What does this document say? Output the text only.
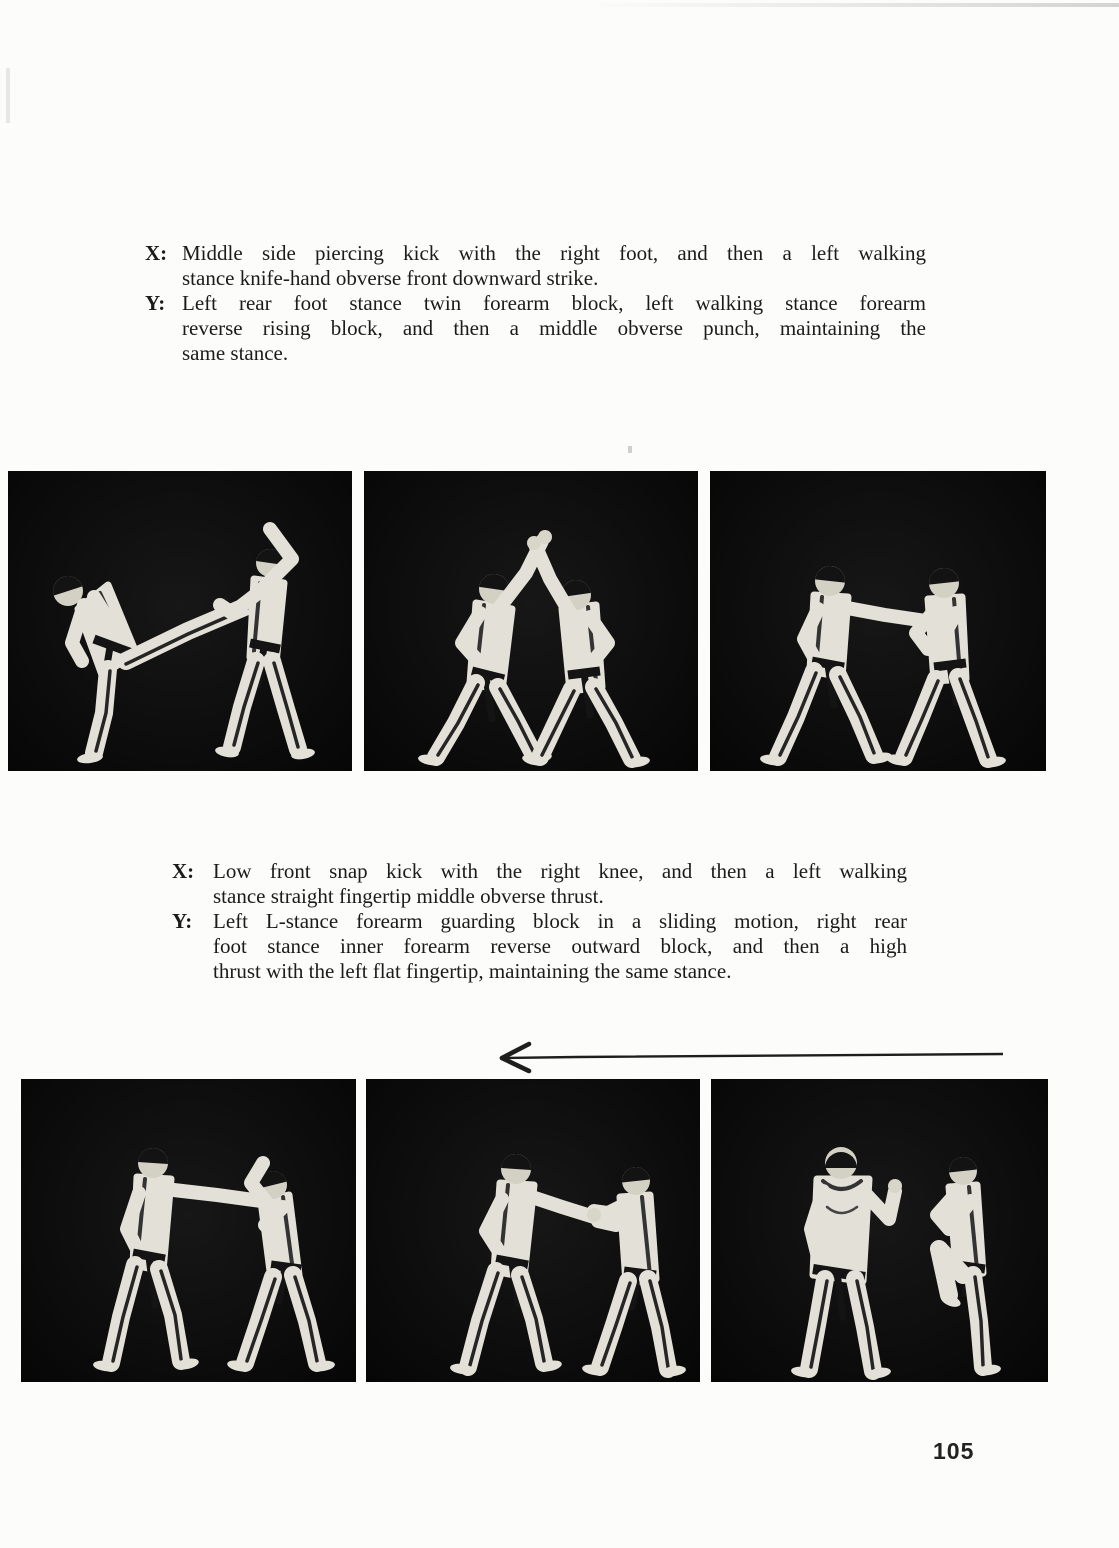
X: Middle side piercing kick with the right foot, and then a left walking
stance knife-hand obverse front downward strike.
Y: Left rear foot stance twin forearm block, left walking stance forearm
reverse rising block, and then a middle obverse punch, maintaining the
same stance.
X: Low front snap kick with the right knee, and then a left walking
stance straight fingertip middle obverse thrust.
Y: Left L-stance forearm guarding block in a sliding motion, right rear
foot stance inner forearm reverse outward block, and then a high
thrust with the left flat fingertip, maintaining the same stance.
105
